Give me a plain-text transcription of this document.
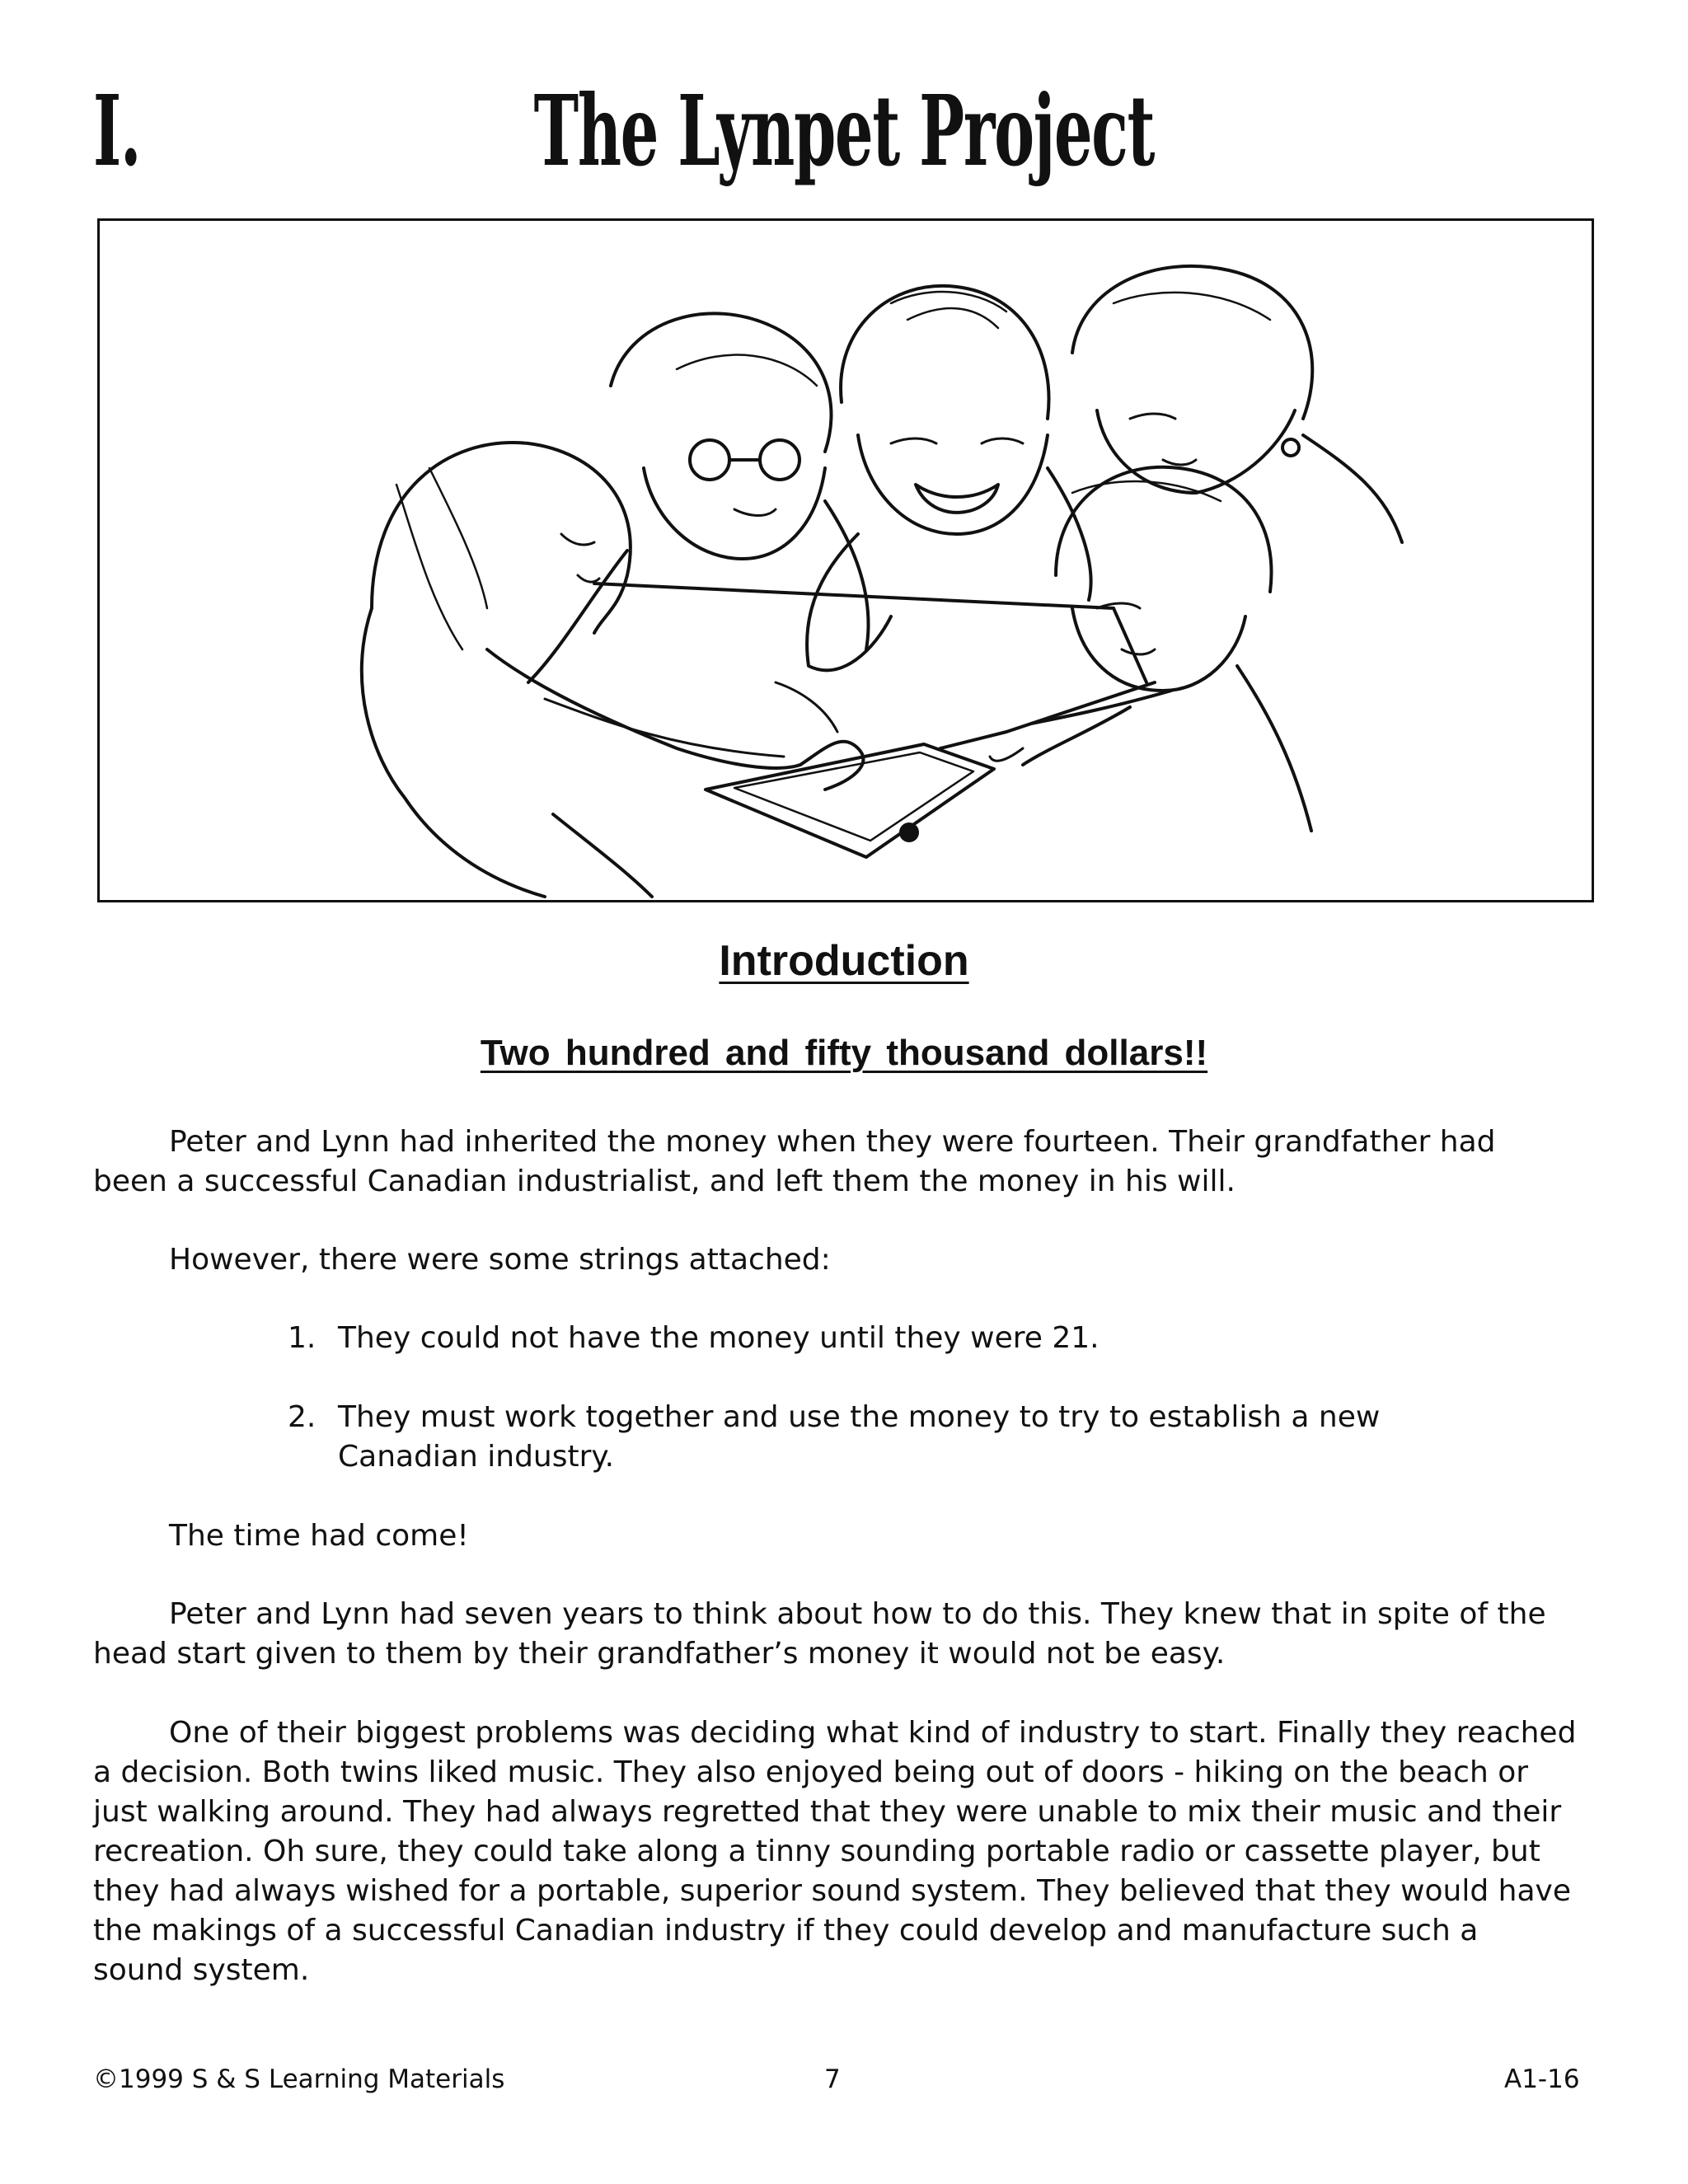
I.	The Lynpet Project
Introduction
Two hundred and fifty thousand dollars!!

Peter and Lynn had inherited the money when they were fourteen. Their grandfather had been a successful Canadian industrialist, and left them the money in his will.

However, there were some strings attached:

1. They could not have the money until they were 21.
2. They must work together and use the money to try to establish a new Canadian industry.

The time had come!

Peter and Lynn had seven years to think about how to do this. They knew that in spite of the head start given to them by their grandfather’s money it would not be easy.

One of their biggest problems was deciding what kind of industry to start. Finally they reached a decision. Both twins liked music. They also enjoyed being out of doors - hiking on the beach or just walking around. They had always regretted that they were unable to mix their music and their recreation. Oh sure, they could take along a tinny sounding portable radio or cassette player, but they had always wished for a portable, superior sound system. They believed that they would have the makings of a successful Canadian industry if they could develop and manufacture such a sound system.

©1999 S & S Learning Materials	7	A1-16
